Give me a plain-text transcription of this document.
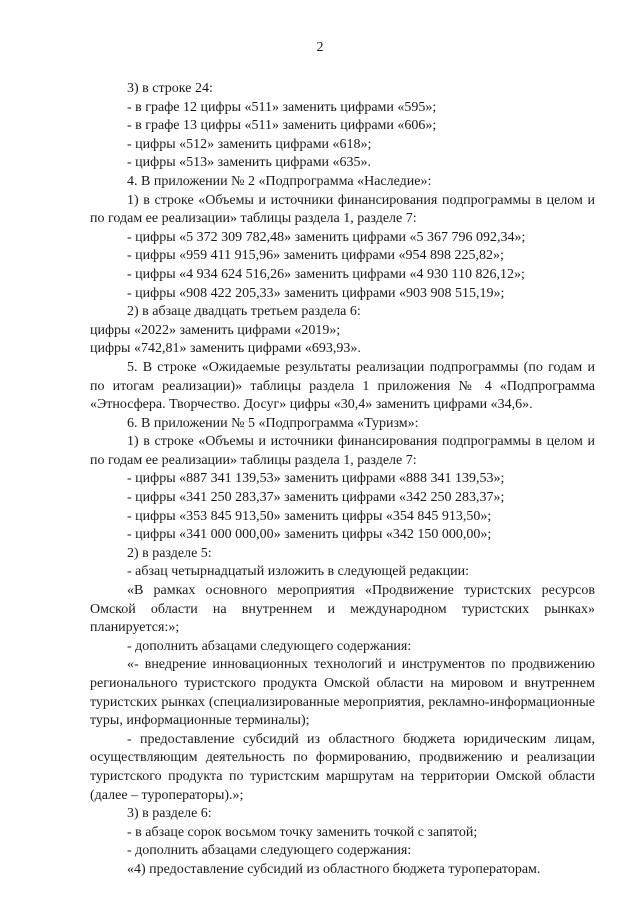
2

3) в строке 24:

- в графе 12 цифры «511» заменить цифрами «595»;

- в графе 13 цифры «511» заменить цифрами «606»;

- цифры «512» заменить цифрами «618»;

- цифры «513» заменить цифрами «635».

4. В приложении № 2 «Подпрограмма «Наследие»:

1) в строке «Объемы и источники финансирования подпрограммы в целом и по годам ее реализации» таблицы раздела 1, разделе 7:

- цифры «5 372 309 782,48» заменить цифрами «5 367 796 092,34»;

- цифры «959 411 915,96» заменить цифрами «954 898 225,82»;

- цифры «4 934 624 516,26» заменить цифрами «4 930 110 826,12»;

- цифры «908 422 205,33» заменить цифрами «903 908 515,19»;

2) в абзаце двадцать третьем раздела 6:

цифры «2022» заменить цифрами «2019»;

цифры «742,81» заменить цифрами «693,93».

5. В строке «Ожидаемые результаты реализации подпрограммы (по годам и по итогам реализации)» таблицы раздела 1 приложения № 4 «Подпрограмма «Этносфера. Творчество. Досуг» цифры «30,4» заменить цифрами «34,6».

6. В приложении № 5 «Подпрограмма «Туризм»:

1) в строке «Объемы и источники финансирования подпрограммы в целом и по годам ее реализации» таблицы раздела 1, разделе 7:

- цифры «887 341 139,53» заменить цифрами «888 341 139,53»;

- цифры «341 250 283,37» заменить цифрами «342 250 283,37»;

- цифры «353 845 913,50» заменить цифры «354 845 913,50»;

- цифры «341 000 000,00» заменить цифры «342 150 000,00»;

2) в разделе 5:

- абзац четырнадцатый изложить в следующей редакции:

«В рамках основного мероприятия «Продвижение туристских ресурсов Омской области на внутреннем и международном туристских рынках» планируется:»;

- дополнить абзацами следующего содержания:

«- внедрение инновационных технологий и инструментов по продвижению регионального туристского продукта Омской области на мировом и внутреннем туристских рынках (специализированные мероприятия, рекламно-информационные туры, информационные терминалы);

- предоставление субсидий из областного бюджета юридическим лицам, осуществляющим деятельность по формированию, продвижению и реализации туристского продукта по туристским маршрутам на территории Омской области (далее – туроператоры).»;

3) в разделе 6:

- в абзаце сорок восьмом точку заменить точкой с запятой;

- дополнить абзацами следующего содержания:

«4) предоставление субсидий из областного бюджета туроператорам.
